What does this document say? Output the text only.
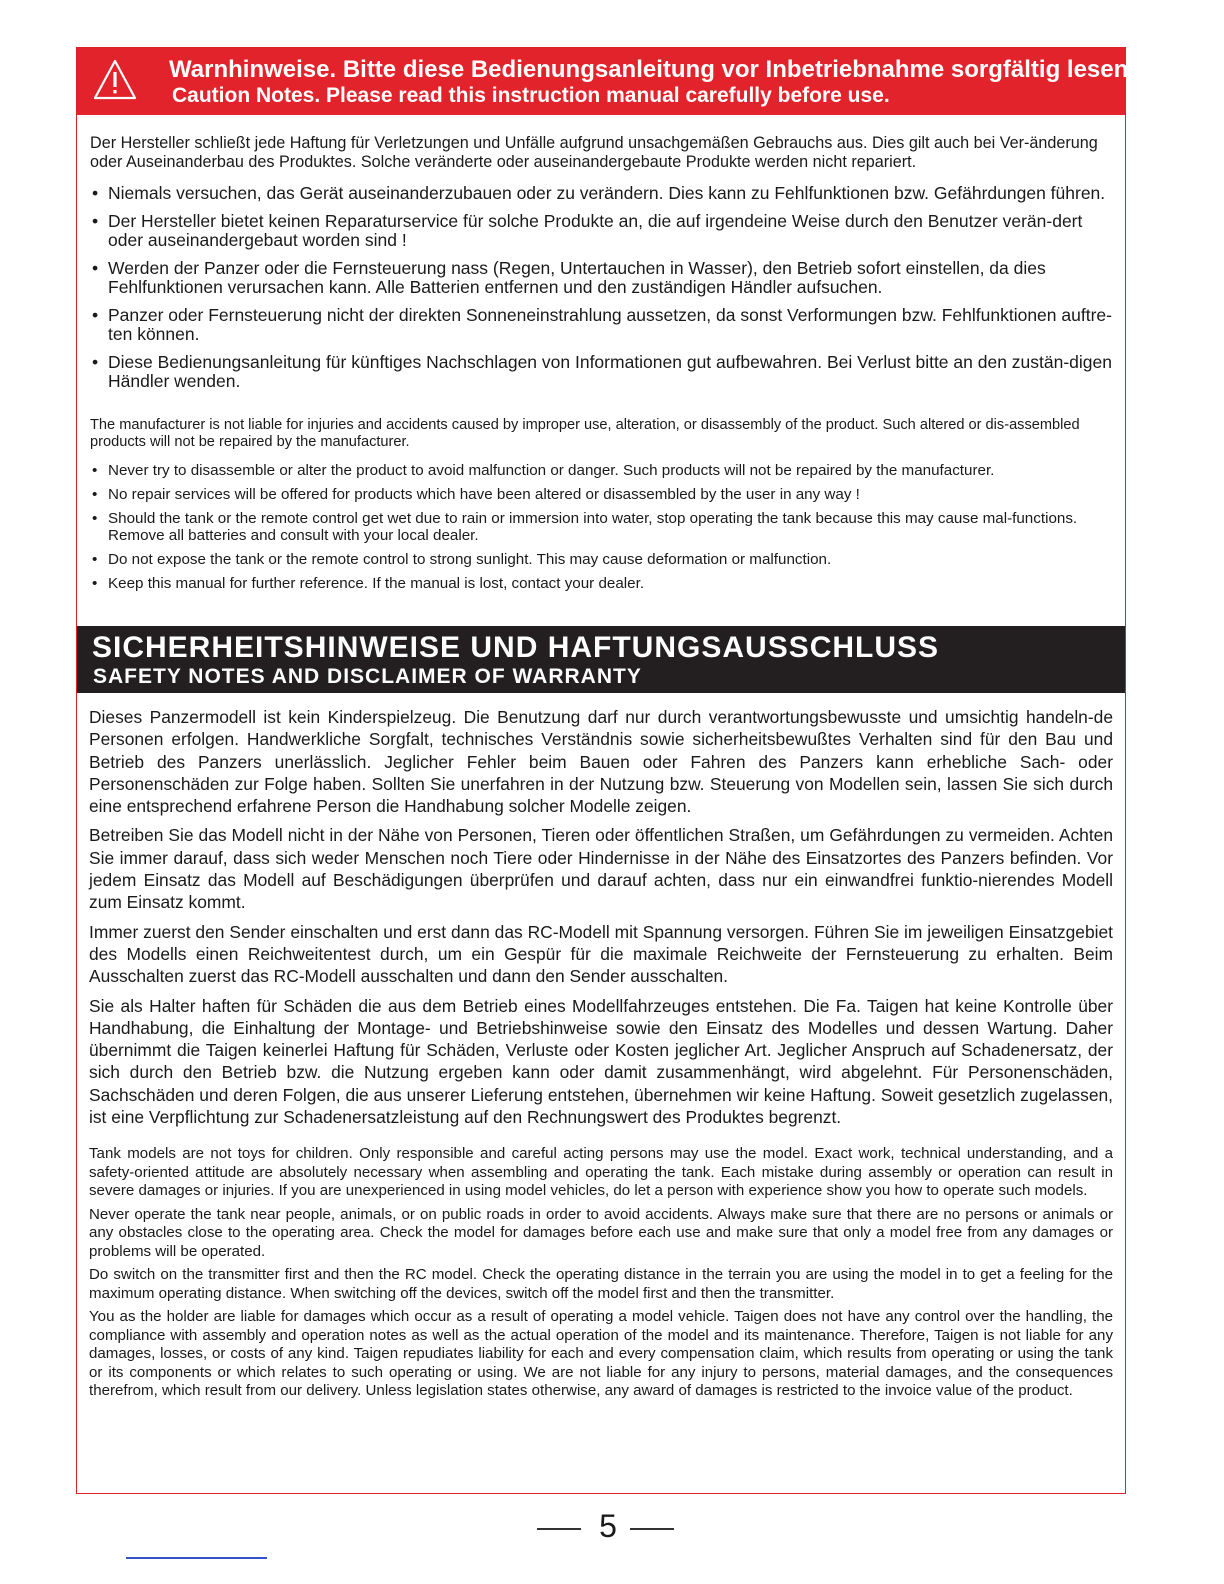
Warnhinweise. Bitte diese Bedienungsanleitung vor Inbetriebnahme sorgfältig lesen.
Caution Notes. Please read this instruction manual carefully before use.

Der Hersteller schließt jede Haftung für Verletzungen und Unfälle aufgrund unsachgemäßen Gebrauchs aus. Dies gilt auch bei Ver-änderung oder Auseinanderbau des Produktes. Solche veränderte oder auseinandergebaute Produkte werden nicht repariert.

• Niemals versuchen, das Gerät auseinanderzubauen oder zu verändern. Dies kann zu Fehlfunktionen bzw. Gefährdungen führen.
• Der Hersteller bietet keinen Reparaturservice für solche Produkte an, die auf irgendeine Weise durch den Benutzer verän-dert oder auseinandergebaut worden sind !
• Werden der Panzer oder die Fernsteuerung nass (Regen, Untertauchen in Wasser), den Betrieb sofort einstellen, da dies Fehlfunktionen verursachen kann. Alle Batterien entfernen und den zuständigen Händler aufsuchen.
• Panzer oder Fernsteuerung nicht der direkten Sonneneinstrahlung aussetzen, da sonst Verformungen bzw. Fehlfunktionen auftre-ten können.
• Diese Bedienungsanleitung für künftiges Nachschlagen von Informationen gut aufbewahren. Bei Verlust bitte an den zustän-digen Händler wenden.

The manufacturer is not liable for injuries and accidents caused by improper use, alteration, or disassembly of the product. Such altered or dis-assembled products will not be repaired by the manufacturer.

• Never try to disassemble or alter the product to avoid malfunction or danger. Such products will not be repaired by the manufacturer.
• No repair services will be offered for products which have been altered or disassembled by the user in any way !
• Should the tank or the remote control get wet due to rain or immersion into water, stop operating the tank because this may cause mal-functions. Remove all batteries and consult with your local dealer.
• Do not expose the tank or the remote control to strong sunlight. This may cause deformation or malfunction.
• Keep this manual for further reference. If the manual is lost, contact your dealer.
SICHERHEITSHINWEISE UND HAFTUNGSAUSSCHLUSS
SAFETY NOTES AND DISCLAIMER OF WARRANTY

Dieses Panzermodell ist kein Kinderspielzeug. Die Benutzung darf nur durch verantwortungsbewusste und umsichtig handeln-de Personen erfolgen. Handwerkliche Sorgfalt, technisches Verständnis sowie sicherheitsbewußtes Verhalten sind für den Bau und Betrieb des Panzers unerlässlich. Jeglicher Fehler beim Bauen oder Fahren des Panzers kann erhebliche Sach- oder Personenschäden zur Folge haben. Sollten Sie unerfahren in der Nutzung bzw. Steuerung von Modellen sein, lassen Sie sich durch eine entsprechend erfahrene Person die Handhabung solcher Modelle zeigen.

Betreiben Sie das Modell nicht in der Nähe von Personen, Tieren oder öffentlichen Straßen, um Gefährdungen zu vermeiden. Achten Sie immer darauf, dass sich weder Menschen noch Tiere oder Hindernisse in der Nähe des Einsatzortes des Panzers befinden. Vor jedem Einsatz das Modell auf Beschädigungen überprüfen und darauf achten, dass nur ein einwandfrei funktio-nierendes Modell zum Einsatz kommt.

Immer zuerst den Sender einschalten und erst dann das RC-Modell mit Spannung versorgen. Führen Sie im jeweiligen Einsatzgebiet des Modells einen Reichweitentest durch, um ein Gespür für die maximale Reichweite der Fernsteuerung zu erhalten. Beim Ausschalten zuerst das RC-Modell ausschalten und dann den Sender ausschalten.

Sie als Halter haften für Schäden die aus dem Betrieb eines Modellfahrzeuges entstehen. Die Fa. Taigen hat keine Kontrolle über Handhabung, die Einhaltung der Montage- und Betriebshinweise sowie den Einsatz des Modelles und dessen Wartung. Daher übernimmt die Taigen keinerlei Haftung für Schäden, Verluste oder Kosten jeglicher Art. Jeglicher Anspruch auf Schadenersatz, der sich durch den Betrieb bzw. die Nutzung ergeben kann oder damit zusammenhängt, wird abgelehnt. Für Personenschäden, Sachschäden und deren Folgen, die aus unserer Lieferung entstehen, übernehmen wir keine Haftung. Soweit gesetzlich zugelassen, ist eine Verpflichtung zur Schadenersatzleistung auf den Rechnungswert des Produktes begrenzt.

Tank models are not toys for children. Only responsible and careful acting persons may use the model. Exact work, technical understanding, and a safety-oriented attitude are absolutely necessary when assembling and operating the tank. Each mistake during assembly or operation can result in severe damages or injuries. If you are unexperienced in using model vehicles, do let a person with experience show you how to operate such models.

Never operate the tank near people, animals, or on public roads in order to avoid accidents. Always make sure that there are no persons or animals or any obstacles close to the operating area. Check the model for damages before each use and make sure that only a model free from any damages or problems will be operated.

Do switch on the transmitter first and then the RC model. Check the operating distance in the terrain you are using the model in to get a feeling for the maximum operating distance. When switching off the devices, switch off the model first and then the transmitter.

You as the holder are liable for damages which occur as a result of operating a model vehicle. Taigen does not have any control over the handling, the compliance with assembly and operation notes as well as the actual operation of the model and its maintenance. Therefore, Taigen is not liable for any damages, losses, or costs of any kind. Taigen repudiates liability for each and every compensation claim, which results from operating or using the tank or its components or which relates to such operating or using. We are not liable for any injury to persons, material damages, and the consequences therefrom, which result from our delivery. Unless legislation states otherwise, any award of damages is restricted to the invoice value of the product.

5
